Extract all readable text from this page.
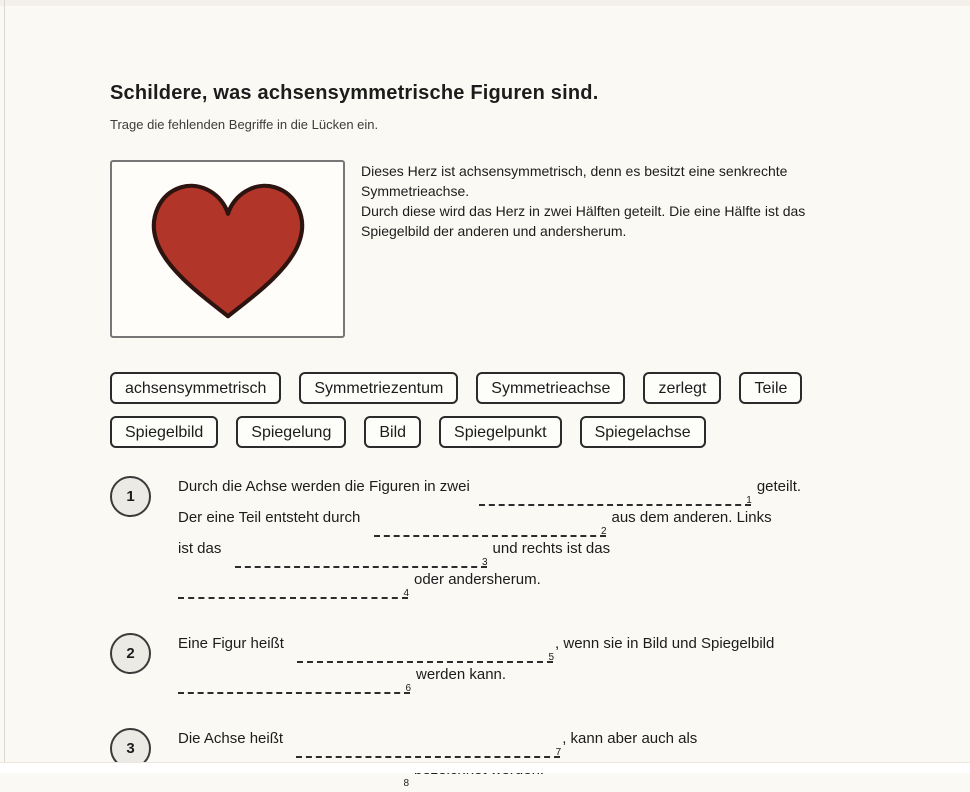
Schildere, was achsensymmetrische Figuren sind.
Trage die fehlenden Begriffe in die Lücken ein.
Dieses Herz ist achsensymmetrisch, denn es besitzt eine senkrechte
Symmetrieachse.
Durch diese wird das Herz in zwei Hälften geteilt. Die eine Hälfte ist das
Spiegelbild der anderen und andersherum.
achsensymmetrisch	Symmetriezentum	Symmetrieachse	zerlegt	Teile
Spiegelbild	Spiegelung	Bild	Spiegelpunkt	Spiegelachse
1
Durch die Achse werden die Figuren in zwei
1
geteilt.
Der eine Teil entsteht durch
2
aus dem anderen. Links
ist das
3
und rechts ist das
4
oder andersherum.
2
Eine Figur heißt
5
, wenn sie in Bild und Spiegelbild
6
werden kann.
3
Die Achse heißt
7
, kann aber auch als
8
